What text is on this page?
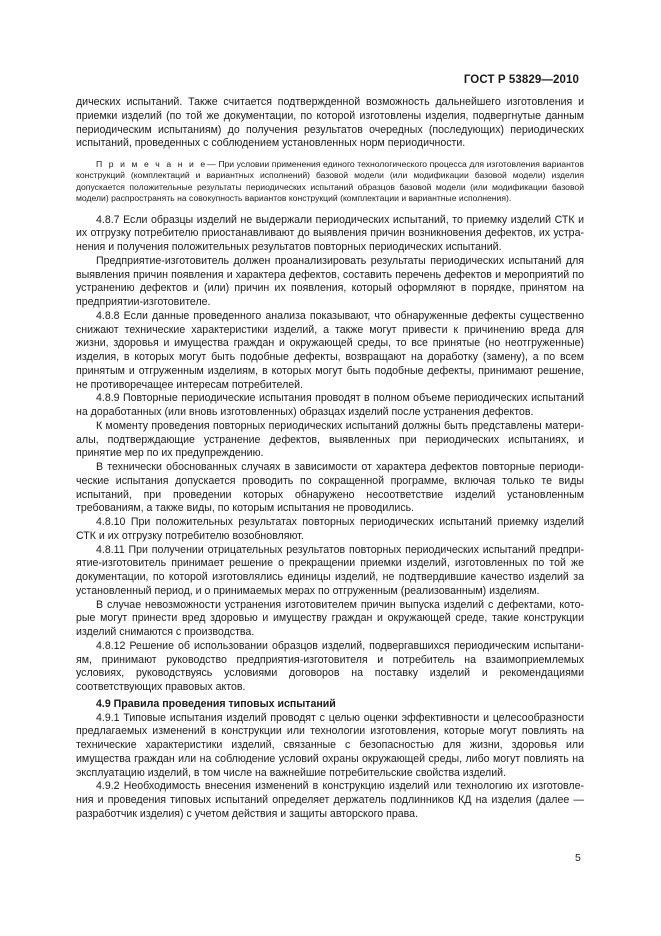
ГОСТ Р 53829—2010

дических испытаний. Также считается подтвержденной возможность дальнейшего изготовления и приемки изделий (по той же документации, по которой изготовлены изделия, подвергнутые данным периодическим испытаниям) до получения результатов очередных (последующих) периодических испытаний, проведенных с соблюдением установленных норм периодичности.

П р и м е ч а н и е— При условии применения единого технологического процесса для изготовления вариантов конструкций (комплектаций и вариантных исполнений) базовой модели (или модификации базовой модели) изделия допускается положительные результаты периодических испытаний образцов базовой модели (или модификации базовой модели) распространять на совокупность вариантов конструкций (комплектации и вариантные исполнения).

4.8.7 Если образцы изделий не выдержали периодических испытаний, то приемку изделий СТК и их отгрузку потребителю приостанавливают до выявления причин возникновения дефектов, их устранения и получения положительных результатов повторных периодических испытаний.

Предприятие-изготовитель должен проанализировать результаты периодических испытаний для выявления причин появления и характера дефектов, составить перечень дефектов и мероприятий по устранению дефектов и (или) причин их появления, который оформляют в порядке, принятом на предприятии-изготовителе.

4.8.8 Если данные проведенного анализа показывают, что обнаруженные дефекты существенно снижают технические характеристики изделий, а также могут привести к причинению вреда для жизни, здоровья и имущества граждан и окружающей среды, то все принятые (но неотгруженные) изделия, в которых могут быть подобные дефекты, возвращают на доработку (замену), а по всем принятым и отгруженным изделиям, в которых могут быть подобные дефекты, принимают решение, не противоречащее интересам потребителей.

4.8.9 Повторные периодические испытания проводят в полном объеме периодических испытаний на доработанных (или вновь изготовленных) образцах изделий после устранения дефектов.

К моменту проведения повторных периодических испытаний должны быть представлены материалы, подтверждающие устранение дефектов, выявленных при периодических испытаниях, и принятие мер по их предупреждению.

В технически обоснованных случаях в зависимости от характера дефектов повторные периодические испытания допускается проводить по сокращенной программе, включая только те виды испытаний, при проведении которых обнаружено несоответствие изделий установленным требованиям, а также виды, по которым испытания не проводились.

4.8.10 При положительных результатах повторных периодических испытаний приемку изделий СТК и их отгрузку потребителю возобновляют.

4.8.11 При получении отрицательных результатов повторных периодических испытаний предприятие-изготовитель принимает решение о прекращении приемки изделий, изготовленных по той же документации, по которой изготовлялись единицы изделий, не подтвердившие качество изделий за установленный период, и о принимаемых мерах по отгруженным (реализованным) изделиям.

В случае невозможности устранения изготовителем причин выпуска изделий с дефектами, которые могут принести вред здоровью и имуществу граждан и окружающей среде, такие конструкции изделий снимаются с производства.

4.8.12 Решение об использовании образцов изделий, подвергавшихся периодическим испытаниям, принимают руководство предприятия-изготовителя и потребитель на взаимоприемлемых условиях, руководствуясь условиями договоров на поставку изделий и рекомендациями соответствующих правовых актов.

4.9 Правила проведения типовых испытаний

4.9.1 Типовые испытания изделий проводят с целью оценки эффективности и целесообразности предлагаемых изменений в конструкции или технологии изготовления, которые могут повлиять на технические характеристики изделий, связанные с безопасностью для жизни, здоровья или имущества граждан или на соблюдение условий охраны окружающей среды, либо могут повлиять на эксплуатацию изделий, в том числе на важнейшие потребительские свойства изделий.

4.9.2 Необходимость внесения изменений в конструкцию изделий или технологию их изготовления и проведения типовых испытаний определяет держатель подлинников КД на изделия (далее — разработчик изделия) с учетом действия и защиты авторского права.

5
